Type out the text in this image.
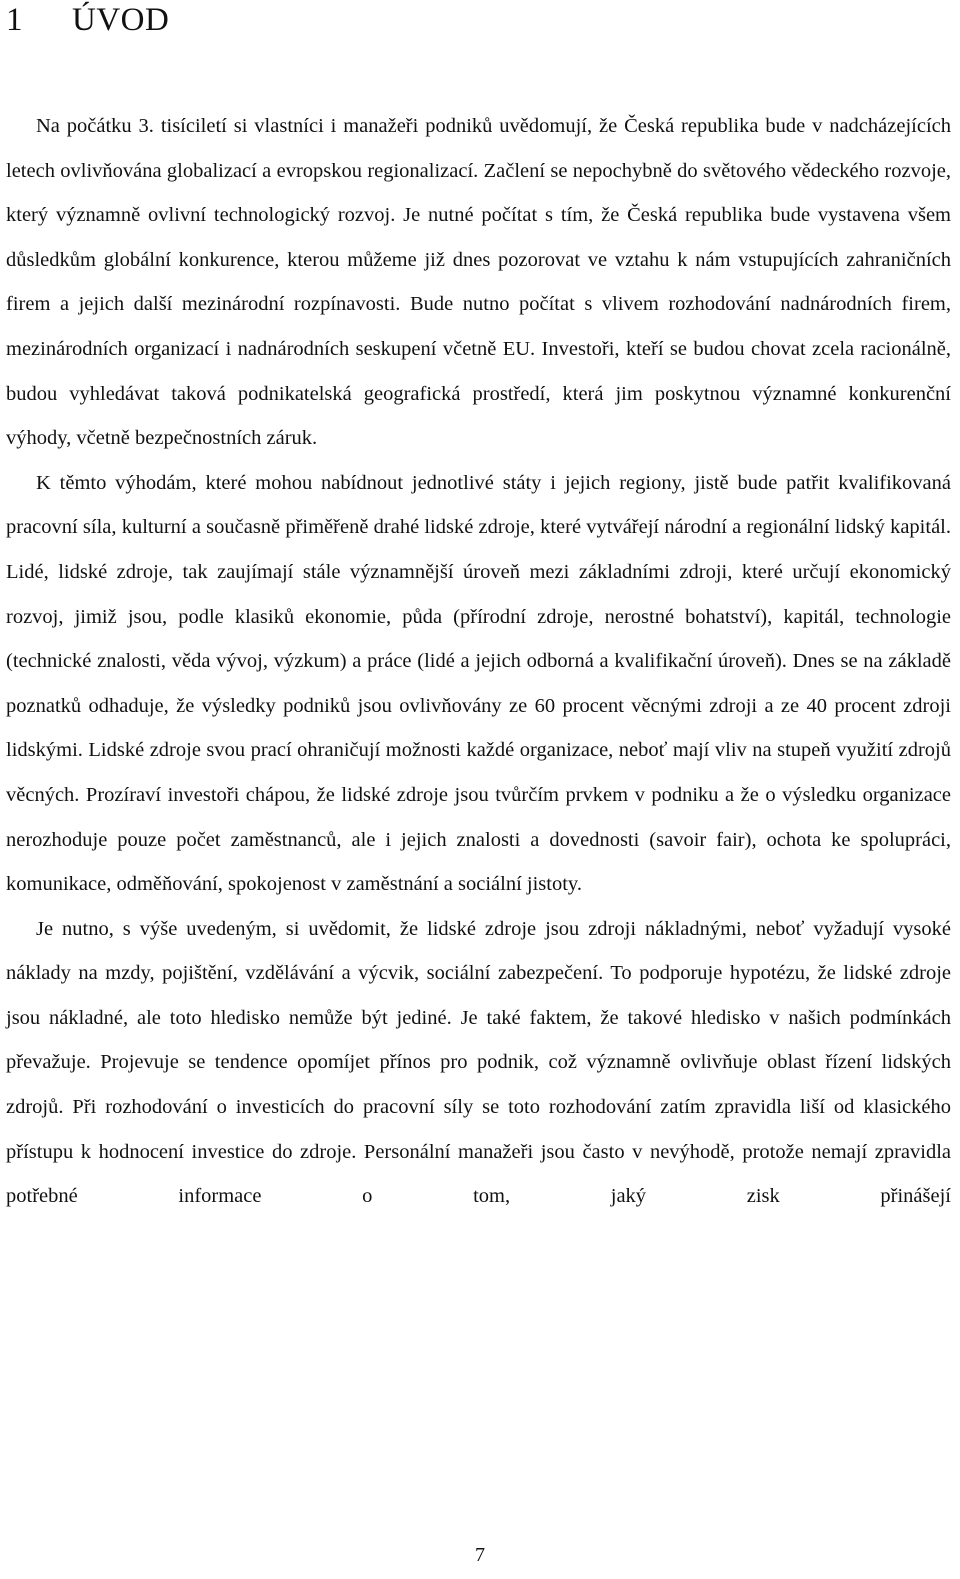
1 ÚVOD

Na počátku 3. tisíciletí si vlastníci i manažeři podniků uvědomují, že Česká republika bude v nadcházejících letech ovlivňována globalizací a evropskou regionalizací. Začlení se nepochybně do světového vědeckého rozvoje, který významně ovlivní technologický rozvoj. Je nutné počítat s tím, že Česká republika bude vystavena všem důsledkům globální konkurence, kterou můžeme již dnes pozorovat ve vztahu k nám vstupujících zahraničních firem a jejich další mezinárodní rozpínavosti. Bude nutno počítat s vlivem rozhodování nadnárodních firem, mezinárodních organizací i nadnárodních seskupení včetně EU. Investoři, kteří se budou chovat zcela racionálně, budou vyhledávat taková podnikatelská geografická prostředí, která jim poskytnou významné konkurenční výhody, včetně bezpečnostních záruk.

K těmto výhodám, které mohou nabídnout jednotlivé státy i jejich regiony, jistě bude patřit kvalifikovaná pracovní síla, kulturní a současně přiměřeně drahé lidské zdroje, které vytvářejí národní a regionální lidský kapitál. Lidé, lidské zdroje, tak zaujímají stále významnější úroveň mezi základními zdroji, které určují ekonomický rozvoj, jimiž jsou, podle klasiků ekonomie, půda (přírodní zdroje, nerostné bohatství), kapitál, technologie (technické znalosti, věda vývoj, výzkum) a práce (lidé a jejich odborná a kvalifikační úroveň). Dnes se na základě poznatků odhaduje, že výsledky podniků jsou ovlivňovány ze 60 procent věcnými zdroji a ze 40 procent zdroji lidskými. Lidské zdroje svou prací ohraničují možnosti každé organizace, neboť mají vliv na stupeň využití zdrojů věcných. Prozíraví investoři chápou, že lidské zdroje jsou tvůrčím prvkem v podniku a že o výsledku organizace nerozhoduje pouze počet zaměstnanců, ale i jejich znalosti a dovednosti (savoir fair), ochota ke spolupráci, komunikace, odměňování, spokojenost v zaměstnání a sociální jistoty.

Je nutno, s výše uvedeným, si uvědomit, že lidské zdroje jsou zdroji nákladnými, neboť vyžadují vysoké náklady na mzdy, pojištění, vzdělávání a výcvik, sociální zabezpečení. To podporuje hypotézu, že lidské zdroje jsou nákladné, ale toto hledisko nemůže být jediné. Je také faktem, že takové hledisko v našich podmínkách převažuje. Projevuje se tendence opomíjet přínos pro podnik, což významně ovlivňuje oblast řízení lidských zdrojů. Při rozhodování o investicích do pracovní síly se toto rozhodování zatím zpravidla liší od klasického přístupu k hodnocení investice do zdroje. Personální manažeři jsou často v nevýhodě, protože nemají zpravidla potřebné informace o tom, jaký zisk přinášejí

7
